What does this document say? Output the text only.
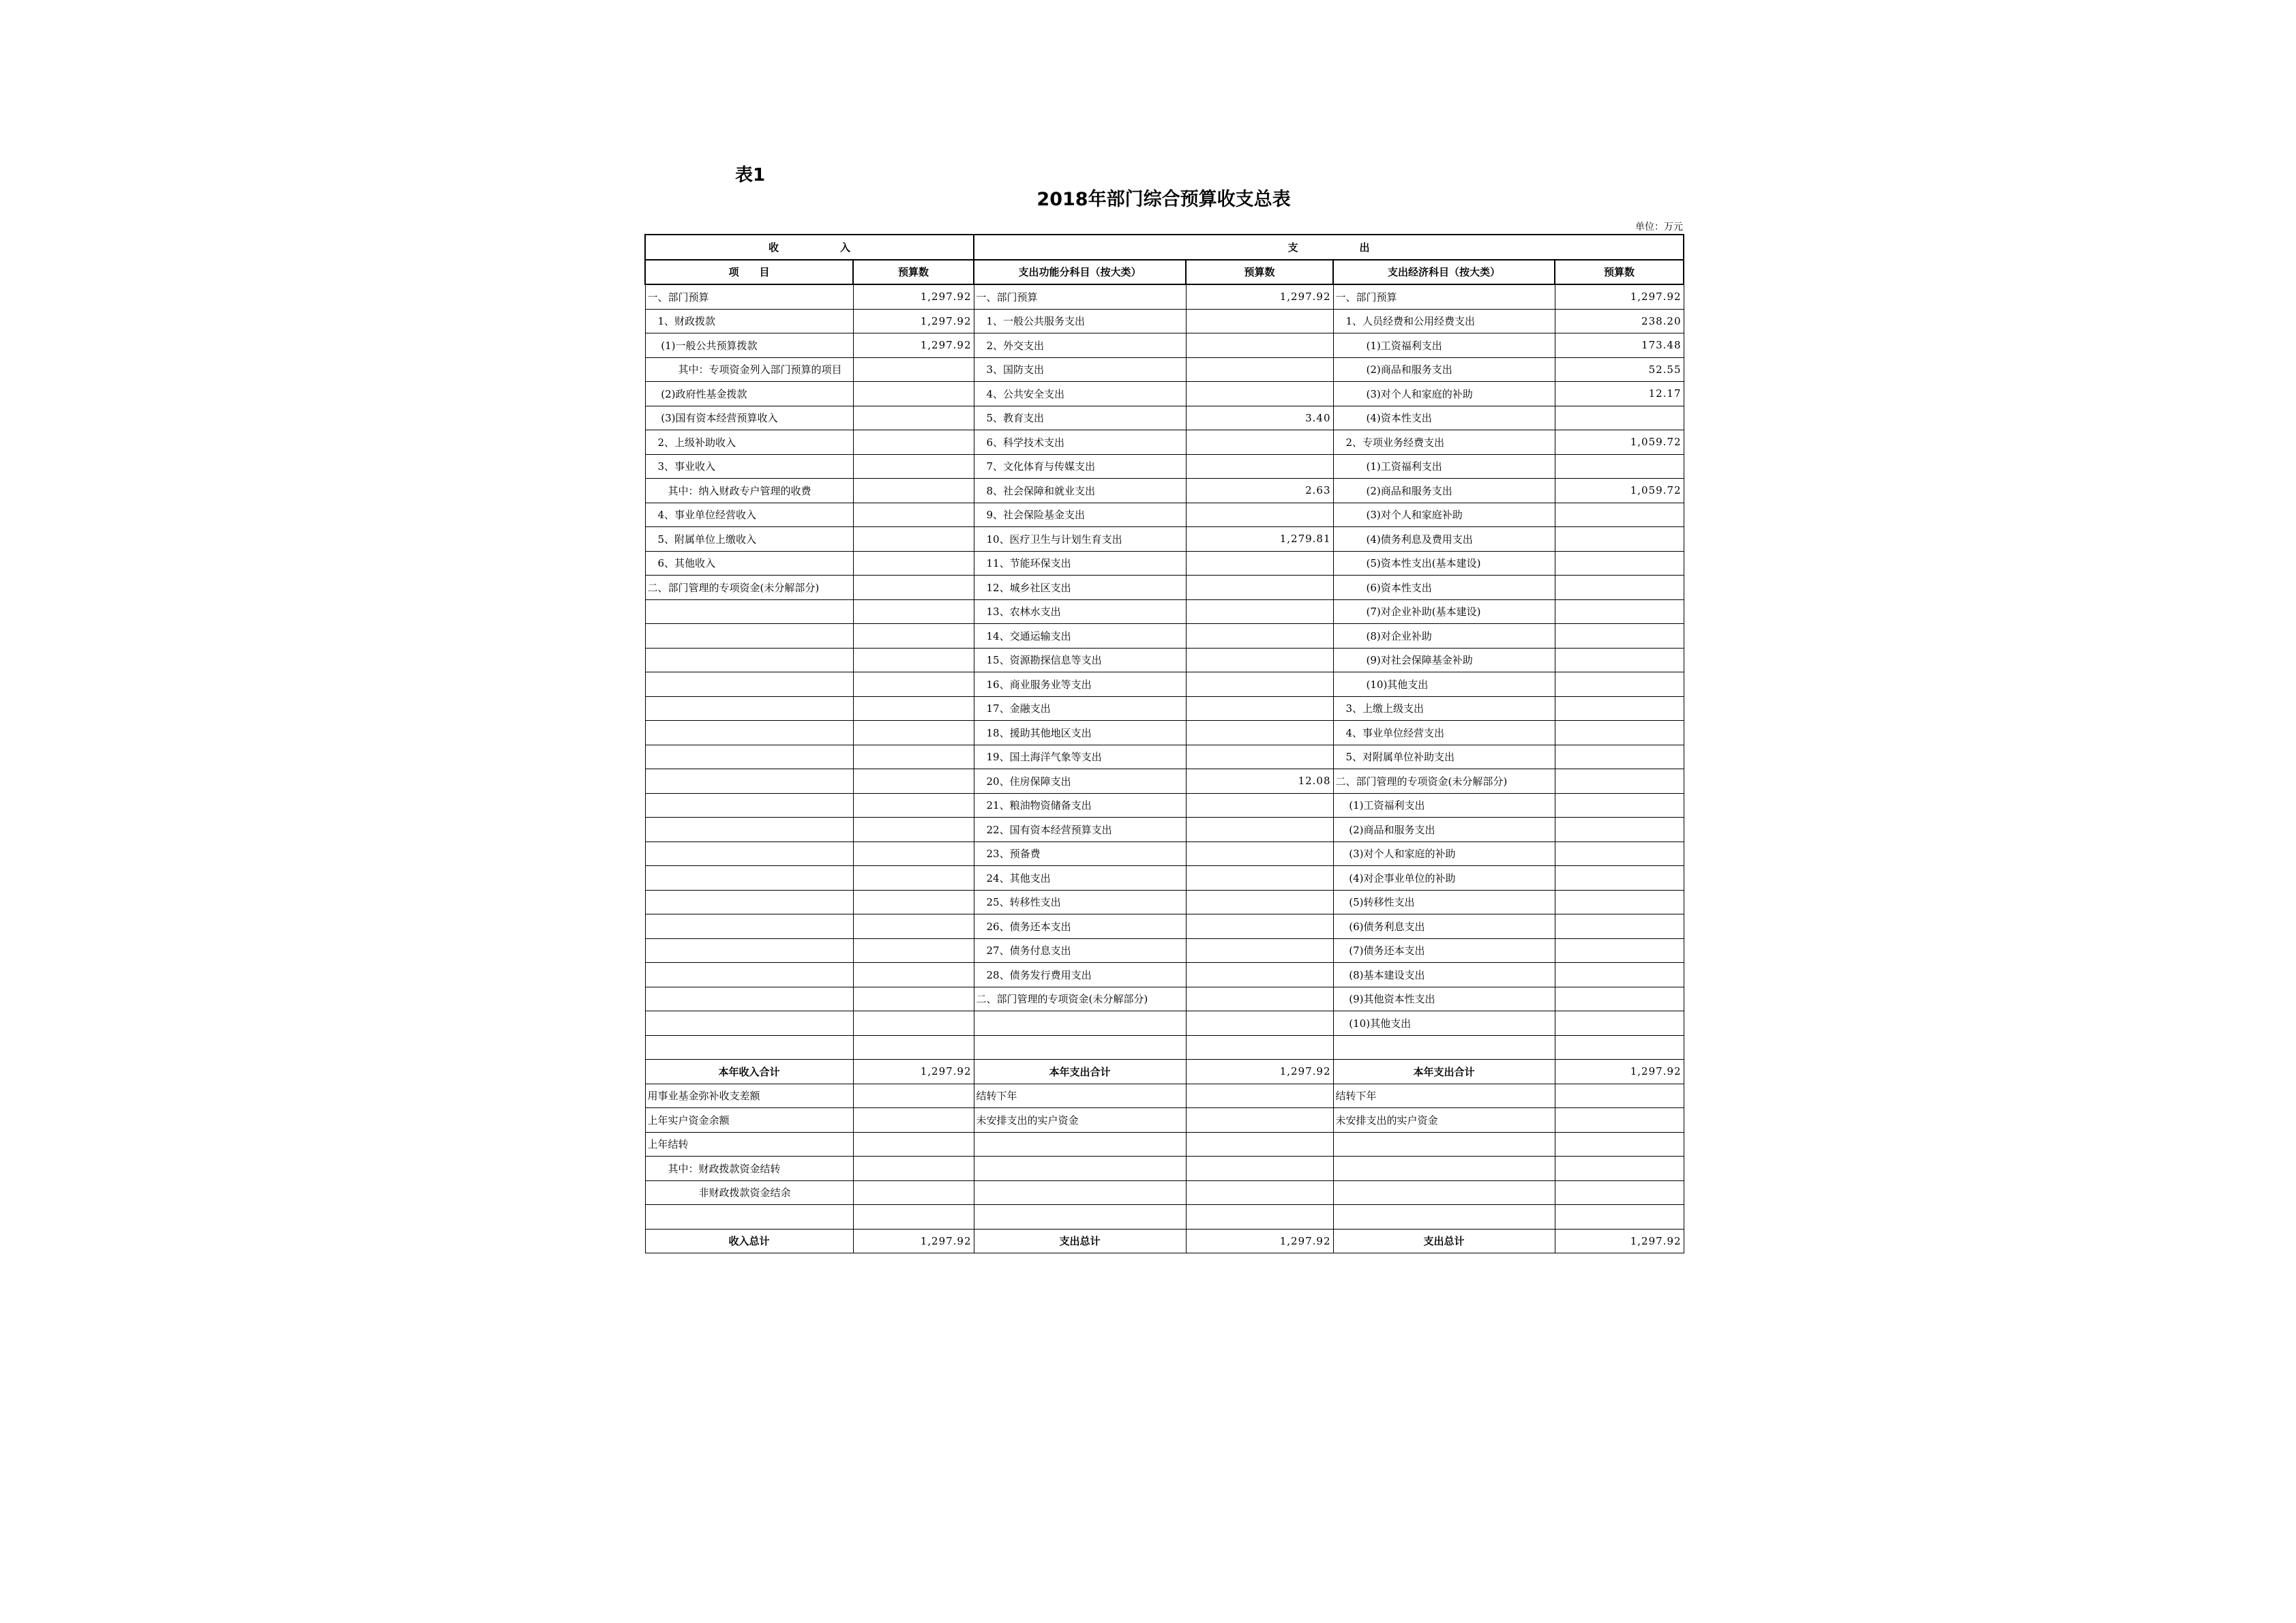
表1
2018年部门综合预算收支总表
单位：万元
收　　　　　　入		支　　　　　　出			
项　　目	预算数	支出功能分科目（按大类）	预算数	支出经济科目（按大类）	预算数
一、部门预算	1,297.92	一、部门预算	1,297.92	一、部门预算	1,297.92
　1、财政拨款	1,297.92	　1、一般公共服务支出		　1、人员经费和公用经费支出	238.20
　 (1)一般公共预算拨款	1,297.92	　2、外交支出		　　　(1)工资福利支出	173.48
　　　其中：专项资金列入部门预算的项目		　3、国防支出		　　　(2)商品和服务支出	52.55
　 (2)政府性基金拨款		　4、公共安全支出		　　　(3)对个人和家庭的补助	12.17
　 (3)国有资本经营预算收入		　5、教育支出	3.40	　　　(4)资本性支出	
　2、上级补助收入		　6、科学技术支出		　2、专项业务经费支出	1,059.72
　3、事业收入		　7、文化体育与传媒支出		　　　(1)工资福利支出	
　　其中：纳入财政专户管理的收费		　8、社会保障和就业支出	2.63	　　　(2)商品和服务支出	1,059.72
　4、事业单位经营收入		　9、社会保险基金支出		　　　(3)对个人和家庭补助	
　5、附属单位上缴收入		　10、医疗卫生与计划生育支出	1,279.81	　　　(4)债务利息及费用支出	
　6、其他收入		　11、节能环保支出		　　　(5)资本性支出(基本建设)	
二、部门管理的专项资金(未分解部分)		　12、城乡社区支出		　　　(6)资本性支出	
		　13、农林水支出		　　　(7)对企业补助(基本建设)	
		　14、交通运输支出		　　　(8)对企业补助	
		　15、资源勘探信息等支出		　　　(9)对社会保障基金补助	
		　16、商业服务业等支出		　　　(10)其他支出	
		　17、金融支出		　3、上缴上级支出	
		　18、援助其他地区支出		　4、事业单位经营支出	
		　19、国土海洋气象等支出		　5、对附属单位补助支出	
		　20、住房保障支出	12.08	二、部门管理的专项资金(未分解部分)	
		　21、粮油物资储备支出		　 (1)工资福利支出	
		　22、国有资本经营预算支出		　 (2)商品和服务支出	
		　23、预备费		　 (3)对个人和家庭的补助	
		　24、其他支出		　 (4)对企事业单位的补助	
		　25、转移性支出		　 (5)转移性支出	
		　26、债务还本支出		　 (6)债务利息支出	
		　27、债务付息支出		　 (7)债务还本支出	
		　28、债务发行费用支出		　 (8)基本建设支出	
		二、部门管理的专项资金(未分解部分)		　 (9)其他资本性支出	
				　 (10)其他支出	

本年收入合计	1,297.92	本年支出合计	1,297.92	本年支出合计	1,297.92
用事业基金弥补收支差额		结转下年		结转下年	
上年实户资金余额		未安排支出的实户资金		未安排支出的实户资金	
上年结转					
　　其中：财政拨款资金结转					
　　　　　非财政拨款资金结余					

收入总计	1,297.92	支出总计	1,297.92	支出总计	1,297.92
